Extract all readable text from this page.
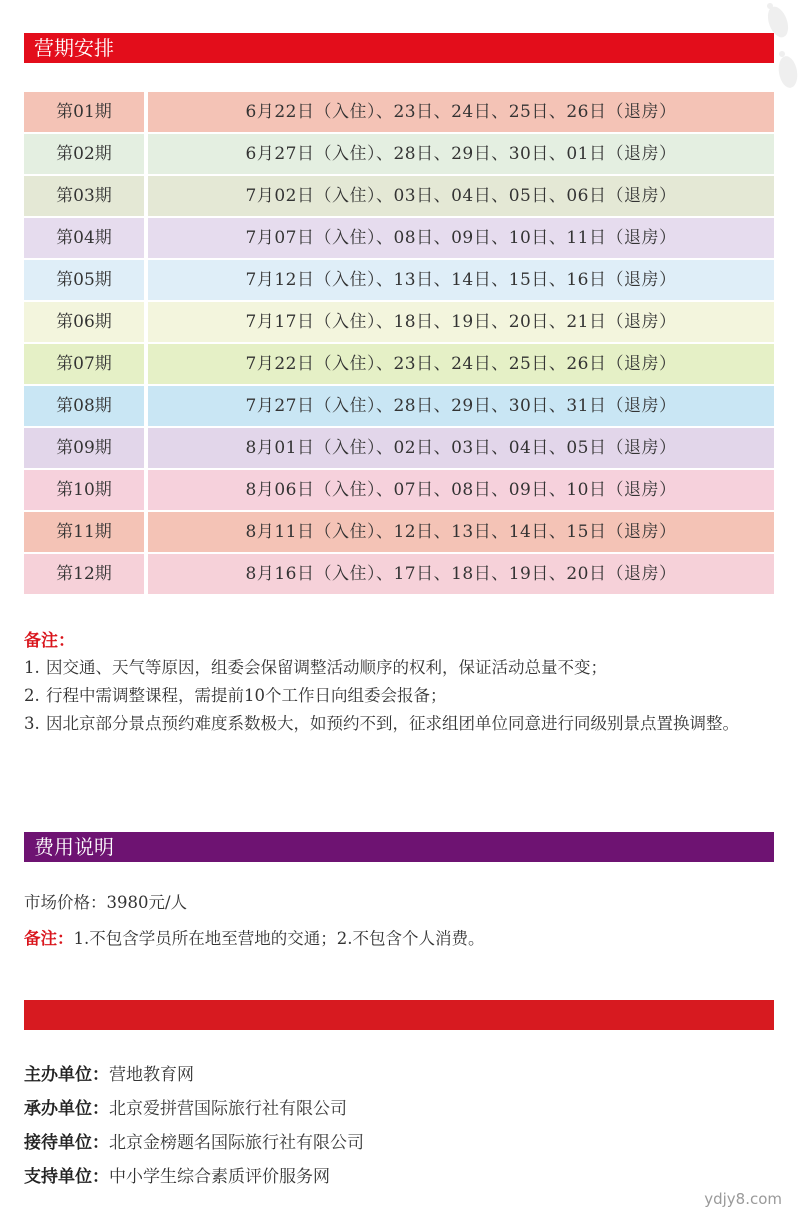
营期安排
第01期	6月22日（入住）、23日、24日、25日、26日（退房）
第02期	6月27日（入住）、28日、29日、30日、01日（退房）
第03期	7月02日（入住）、03日、04日、05日、06日（退房）
第04期	7月07日（入住）、08日、09日、10日、11日（退房）
第05期	7月12日（入住）、13日、14日、15日、16日（退房）
第06期	7月17日（入住）、18日、19日、20日、21日（退房）
第07期	7月22日（入住）、23日、24日、25日、26日（退房）
第08期	7月27日（入住）、28日、29日、30日、31日（退房）
第09期	8月01日（入住）、02日、03日、04日、05日（退房）
第10期	8月06日（入住）、07日、08日、09日、10日（退房）
第11期	8月11日（入住）、12日、13日、14日、15日（退房）
第12期	8月16日（入住）、17日、18日、19日、20日（退房）
备注：
1. 因交通、天气等原因，组委会保留调整活动顺序的权利，保证活动总量不变；
2. 行程中需调整课程，需提前10个工作日向组委会报备；
3. 因北京部分景点预约难度系数极大，如预约不到，征求组团单位同意进行同级别景点置换调整。
费用说明
市场价格：3980元/人
备注：1.不包含学员所在地至营地的交通；2.不包含个人消费。
主办单位：营地教育网
承办单位：北京爱拼营国际旅行社有限公司
接待单位：北京金榜题名国际旅行社有限公司
支持单位：中小学生综合素质评价服务网
ydjy8.com
